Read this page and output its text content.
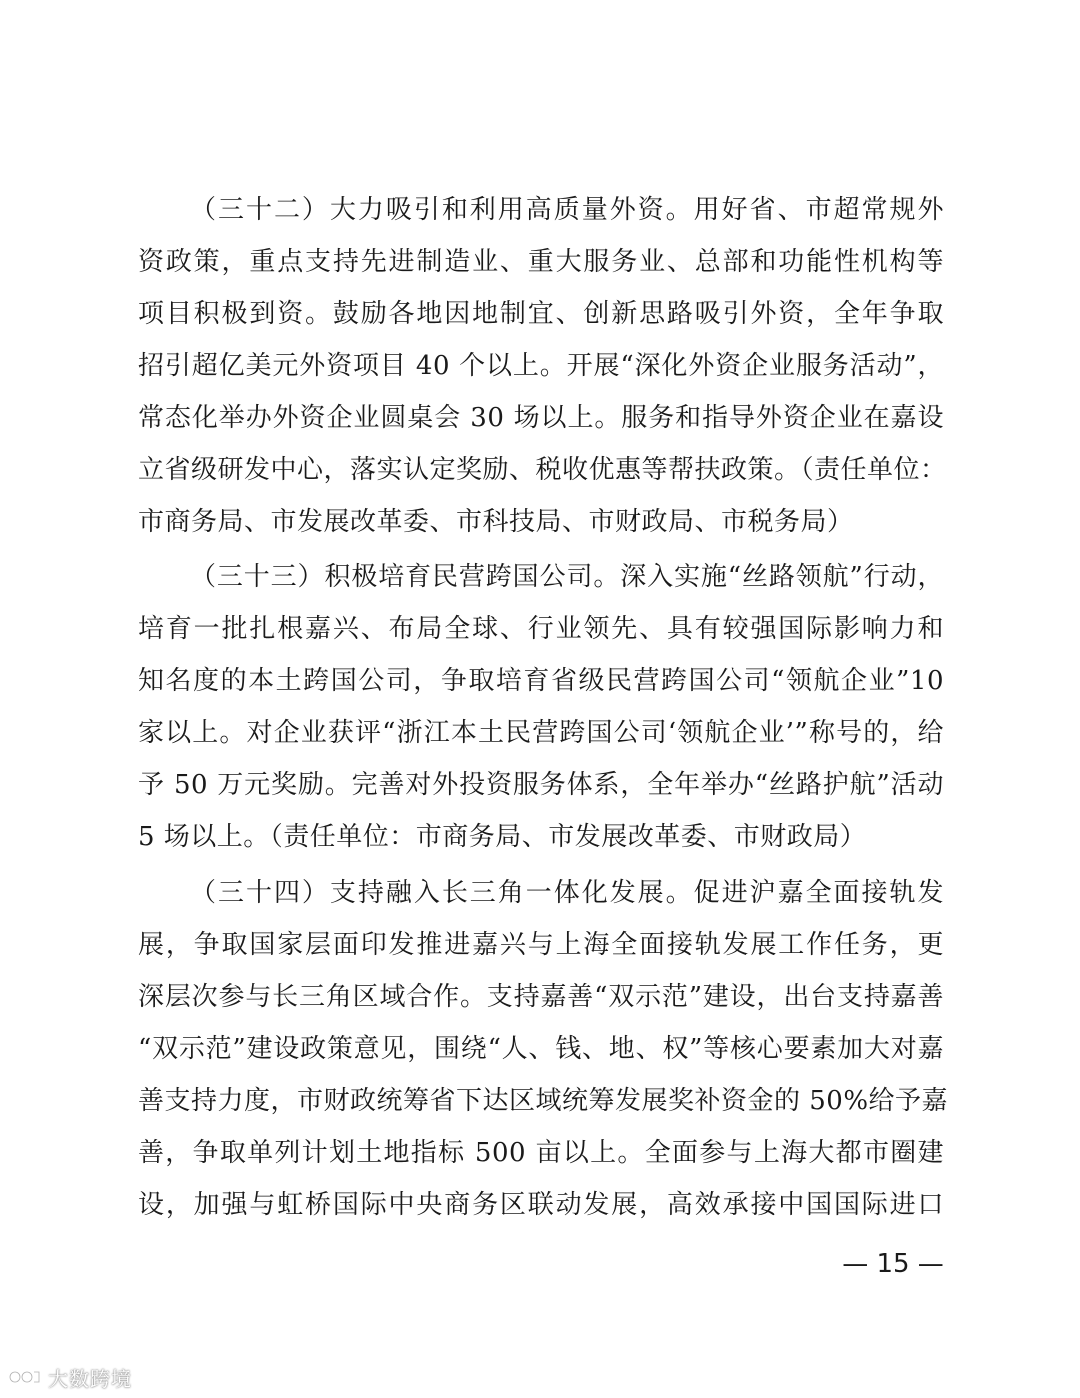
（三十二）大力吸引和利用高质量外资。用好省、市超常规外
资政策，重点支持先进制造业、重大服务业、总部和功能性机构等
项目积极到资。鼓励各地因地制宜、创新思路吸引外资，全年争取
招引超亿美元外资项目 40 个以上。开展“深化外资企业服务活动”，
常态化举办外资企业圆桌会 30 场以上。服务和指导外资企业在嘉设
立省级研发中心，落实认定奖励、税收优惠等帮扶政策。（责任单位：
市商务局、市发展改革委、市科技局、市财政局、市税务局）
（三十三）积极培育民营跨国公司。深入实施“丝路领航”行动，
培育一批扎根嘉兴、布局全球、行业领先、具有较强国际影响力和
知名度的本土跨国公司，争取培育省级民营跨国公司“领航企业”10
家以上。对企业获评“浙江本土民营跨国公司‘领航企业’”称号的，给
予 50 万元奖励。完善对外投资服务体系，全年举办“丝路护航”活动
5 场以上。（责任单位：市商务局、市发展改革委、市财政局）
（三十四）支持融入长三角一体化发展。促进沪嘉全面接轨发
展，争取国家层面印发推进嘉兴与上海全面接轨发展工作任务，更
深层次参与长三角区域合作。支持嘉善“双示范”建设，出台支持嘉善
“双示范”建设政策意见，围绕“人、钱、地、权”等核心要素加大对嘉
善支持力度，市财政统筹省下达区域统筹发展奖补资金的 50%给予嘉
善，争取单列计划土地指标 500 亩以上。全面参与上海大都市圈建
设，加强与虹桥国际中央商务区联动发展，高效承接中国国际进口
— 15 —
大数跨境
